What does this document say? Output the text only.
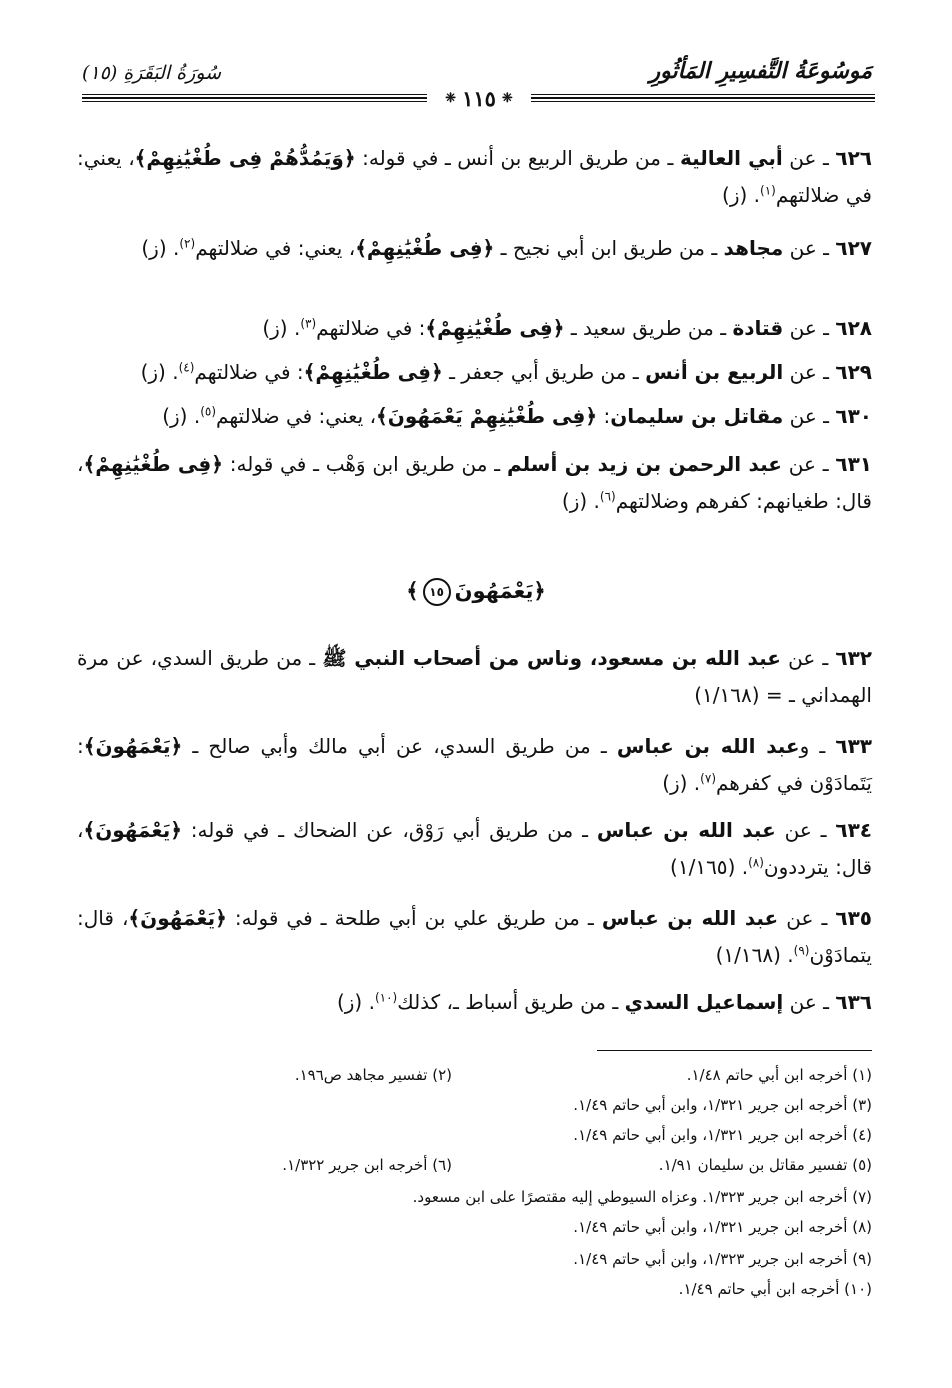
مَوسُوعَةُ التَّفسِيرِ المَأثُورِ
سُورَةُ البَقَرَةِ (١٥)
❈
١١٥
❈
٦٢٦ ـ عن أبي العالية ـ من طريق الربيع بن أنس ـ في قوله: ﴿وَيَمُدُّهُمْ فِى طُغْيَٰنِهِمْ﴾، يعني: في ضلالتهم$^{(١)}$. (ز)
٦٢٧ ـ عن مجاهد ـ من طريق ابن أبي نجيح ـ ﴿فِى طُغْيَٰنِهِمْ﴾، يعني: في ضلالتهم$^{(٢)}$. (ز)
٦٢٨ ـ عن قتادة ـ من طريق سعيد ـ ﴿فِى طُغْيَٰنِهِمْ﴾: في ضلالتهم$^{(٣)}$. (ز)
٦٢٩ ـ عن الربيع بن أنس ـ من طريق أبي جعفر ـ ﴿فِى طُغْيَٰنِهِمْ﴾: في ضلالتهم$^{(٤)}$. (ز)
٦٣٠ ـ عن مقاتل بن سليمان: ﴿فِى طُغْيَٰنِهِمْ يَعْمَهُونَ﴾، يعني: في ضلالتهم$^{(٥)}$. (ز)
٦٣١ ـ عن عبد الرحمن بن زيد بن أسلم ـ من طريق ابن وَهْب ـ في قوله: ﴿فِى طُغْيَٰنِهِمْ﴾، قال: طغيانهم: كفرهم وضلالتهم$^{(٦)}$. (ز)
﴿يَعْمَهُونَ١٥﴾
٦٣٢ ـ عن عبد الله بن مسعود، وناس من أصحاب النبي ﷺ ـ من طريق السدي، عن مرة الهمداني ـ = (١/١٦٨)
٦٣٣ ـ وعبد الله بن عباس ـ من طريق السدي، عن أبي مالك وأبي صالح ـ ﴿يَعْمَهُونَ﴾: يَتَمادَوْن في كفرهم$^{(٧)}$. (ز)
٦٣٤ ـ عن عبد الله بن عباس ـ من طريق أبي رَوْق، عن الضحاك ـ في قوله: ﴿يَعْمَهُونَ﴾، قال: يترددون$^{(٨)}$. (١/١٦٥)
٦٣٥ ـ عن عبد الله بن عباس ـ من طريق علي بن أبي طلحة ـ في قوله: ﴿يَعْمَهُونَ﴾، قال: يتمادَوْن$^{(٩)}$. (١/١٦٨)
٦٣٦ ـ عن إسماعيل السدي ـ من طريق أسباط ـ، كذلك$^{(١٠)}$. (ز)
(١) أخرجه ابن أبي حاتم ١/٤٨.
(٢) تفسير مجاهد ص١٩٦.
(٣) أخرجه ابن جرير ١/٣٢١، وابن أبي حاتم ١/٤٩.
(٤) أخرجه ابن جرير ١/٣٢١، وابن أبي حاتم ١/٤٩.
(٥) تفسير مقاتل بن سليمان ١/٩١.
(٦) أخرجه ابن جرير ١/٣٢٢.
(٧) أخرجه ابن جرير ١/٣٢٣. وعزاه السيوطي إليه مقتصرًا على ابن مسعود.
(٨) أخرجه ابن جرير ١/٣٢١، وابن أبي حاتم ١/٤٩.
(٩) أخرجه ابن جرير ١/٣٢٣، وابن أبي حاتم ١/٤٩.
(١٠) أخرجه ابن أبي حاتم ١/٤٩.
